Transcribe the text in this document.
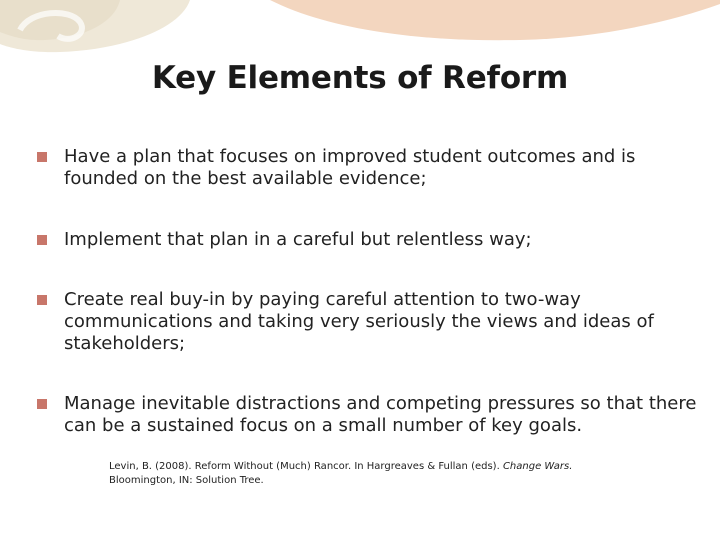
Key Elements of Reform
Have a plan that focuses on improved student outcomes and is founded on the best available evidence;
Implement that plan in a careful but relentless way;
Create real buy-in by paying careful attention to two-way communications and taking very seriously the views and ideas of stakeholders;
Manage inevitable distractions and competing pressures so that there can be a sustained focus on a small number of key goals.
Levin, B. (2008). Reform Without (Much) Rancor. In Hargreaves & Fullan (eds). Change Wars.
Bloomington, IN: Solution Tree.
